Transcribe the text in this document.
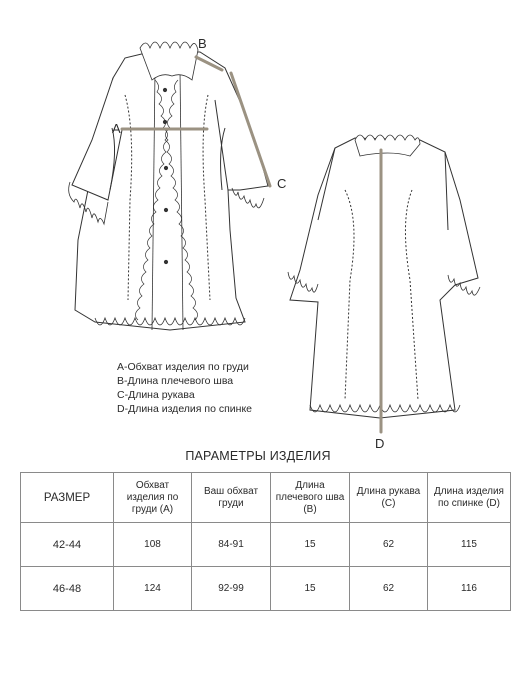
A
B
C
D
A-Обхват изделия по груди
B-Длина плечевого шва
C-Длина рукава
D-Длина изделия по спинке
ПАРАМЕТРЫ ИЗДЕЛИЯ
РАЗМЕР	Обхват изделия по груди (А)	Ваш обхват груди	Длина плечевого шва (B)	Длина рукава (C)	Длина изделия по спинке (D)
42-44	108	84-91	15	62	115
46-48	124	92-99	15	62	116
